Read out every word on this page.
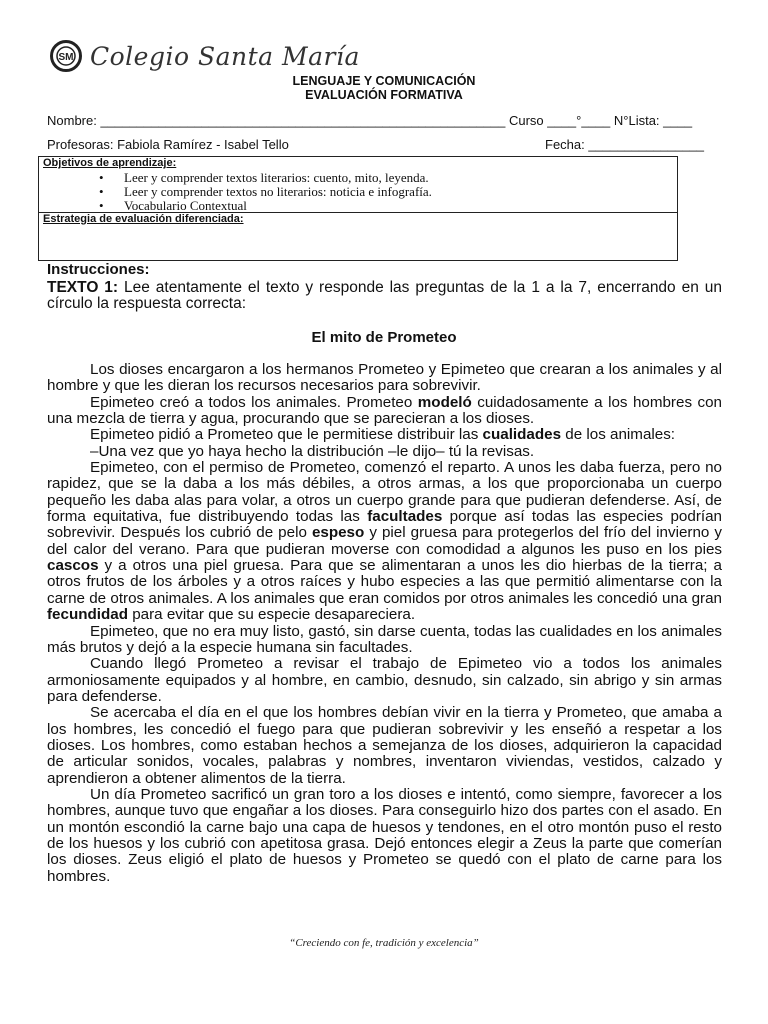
SM Colegio Santa María
LENGUAJE Y COMUNICACIÓN
EVALUACIÓN FORMATIVA
Nombre: ________________________________________________________ Curso ____°____ N°Lista: ____
Profesoras: Fabiola Ramírez - Isabel Tello	Fecha: ________________
Objetivos de aprendizaje:
• Leer y comprender textos literarios: cuento, mito, leyenda.
• Leer y comprender textos no literarios: noticia e infografía.
• Vocabulario Contextual
Estrategia de evaluación diferenciada:
Instrucciones:
TEXTO 1: Lee atentamente el texto y responde las preguntas de la 1 a la 7, encerrando en un círculo la respuesta correcta:
El mito de Prometeo

Los dioses encargaron a los hermanos Prometeo y Epimeteo que crearan a los animales y al hombre y que les dieran los recursos necesarios para sobrevivir.

Epimeteo creó a todos los animales. Prometeo modeló cuidadosamente a los hombres con una mezcla de tierra y agua, procurando que se parecieran a los dioses.

Epimeteo pidió a Prometeo que le permitiese distribuir las cualidades de los animales:

–Una vez que yo haya hecho la distribución –le dijo– tú la revisas.

Epimeteo, con el permiso de Prometeo, comenzó el reparto. A unos les daba fuerza, pero no rapidez, que se la daba a los más débiles, a otros armas, a los que proporcionaba un cuerpo pequeño les daba alas para volar, a otros un cuerpo grande para que pudieran defenderse. Así, de forma equitativa, fue distribuyendo todas las facultades porque así todas las especies podrían sobrevivir. Después los cubrió de pelo espeso y piel gruesa para protegerlos del frío del invierno y del calor del verano. Para que pudieran moverse con comodidad a algunos les puso en los pies cascos y a otros una piel gruesa. Para que se alimentaran a unos les dio hierbas de la tierra; a otros frutos de los árboles y a otros raíces y hubo especies a las que permitió alimentarse con la carne de otros animales. A los animales que eran comidos por otros animales les concedió una gran fecundidad para evitar que su especie desapareciera.

Epimeteo, que no era muy listo, gastó, sin darse cuenta, todas las cualidades en los animales más brutos y dejó a la especie humana sin facultades.

Cuando llegó Prometeo a revisar el trabajo de Epimeteo vio a todos los animales armoniosamente equipados y al hombre, en cambio, desnudo, sin calzado, sin abrigo y sin armas para defenderse.

Se acercaba el día en el que los hombres debían vivir en la tierra y Prometeo, que amaba a los hombres, les concedió el fuego para que pudieran sobrevivir y les enseñó a respetar a los dioses. Los hombres, como estaban hechos a semejanza de los dioses, adquirieron la capacidad de articular sonidos, vocales, palabras y nombres, inventaron viviendas, vestidos, calzado y aprendieron a obtener alimentos de la tierra.

Un día Prometeo sacrificó un gran toro a los dioses e intentó, como siempre, favorecer a los hombres, aunque tuvo que engañar a los dioses. Para conseguirlo hizo dos partes con el asado. En un montón escondió la carne bajo una capa de huesos y tendones, en el otro montón puso el resto de los huesos y los cubrió con apetitosa grasa. Dejó entonces elegir a Zeus la parte que comerían los dioses. Zeus eligió el plato de huesos y Prometeo se quedó con el plato de carne para los hombres.

“Creciendo con fe, tradición y excelencia”
